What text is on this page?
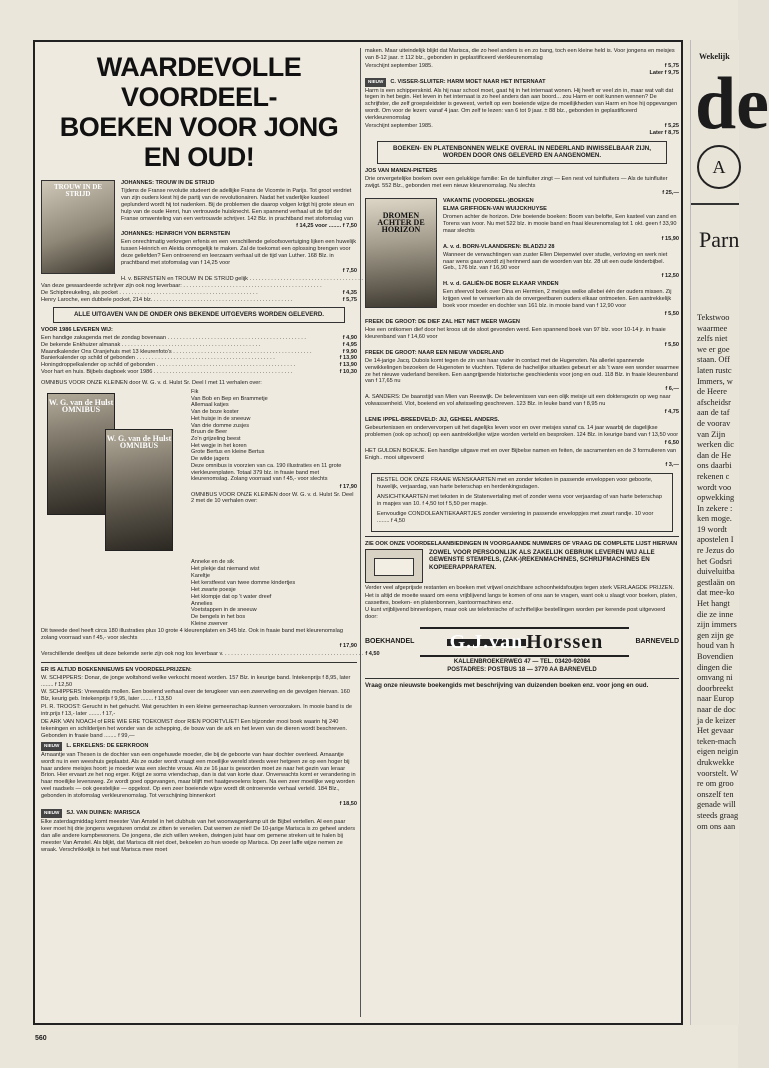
WAARDEVOLLE VOORDEEL-
BOEKEN VOOR JONG EN OUD!
TROUW IN DE STRIJD

JOHANNES: TROUW IN DE STRIJD

Tijdens de Franse revolutie studeert de adellijke Frans de Vicomte in Parijs. Tot groot verdriet van zijn ouders kiest hij de partij van de revolutionairen. Nadat het vaderlijke kasteel geplunderd wordt hij tot nadenken. Bij de problemen die daarop volgen krijgt hij grote steun en hulp van de oude Henri, hun vertrouwde huisknecht. Een spannend verhaal uit de tijd der Franse omwenteling van een vertrouwde schrijver. 142 Blz. in prachtband met stofomslag van

f 14,25 voor ........ f 7,50

JOHANNES: HEINRICH VON BERNSTEIN

Een onrechtmatig verkregen erfenis en een verschillende geloofsovertuiging lijken een huwelijk tussen Heinrich en Aleida onmogelijk te maken. Zal de toekomst een oplossing brengen voor deze geliefden? Een ontroerend en leerzaam verhaal uit de tijd van Luther. 168 Blz. in prachtband met stofomslag van f 14,25 voor

f 7,50

H. v. BERNSTEIN en TROUW IN DE STRIJD gelijk . . .
Van deze gewaardeerde schrijver zijn ook nog leverbaar: . . .
De Schipbreukeling, als pocket . . .	f 4,35
Henry Laroche, een dubbele pocket, 214 blz. . . .	f 5,75
ALLE UITGAVEN VAN DE ONDER ONS BEKENDE UITGEVERS WORDEN GELEVERD.

VOOR 1986 LEVEREN WIJ:

Een handige zakagenda met de zondag bovenaan . . .	f 4,90
De bekende Enkhuizer almanak . . .	f 4,95
Maandkalender Ons Oranjehuis met 13 kleurenfoto's . . .	f 9,90
Banierkalender op schild of gebonden . . .	f 13,90
Honingdroppelkalender op schild of gebonden . . .	f 13,90
Voor hart en huis. Bijbels dagboek voor 1986 . . .	f 10,30

OMNIBUS VOOR ONZE KLEINEN door W. G. v. d. Hulst Sr. Deel I met 11 verhalen over:

W. G. van de Hulst OMNIBUS
W. G. van de Hulst OMNIBUS
Fik
Van Bob en Bep en Brammetje
Allemaal katjes
Van de boze koster
Het huisje in de sneeuw
Van drie domme zusjes
Bruun de Beer
Zo'n grijzeling beest
Het wegje in het koren
Grote Bertus en kleine Bertus
De wilde jagers

Deze omnibus is voorzien van ca. 190 illustraties en 11 grote vierkleurenplaten. Totaal 379 blz. in fraaie band met kleurenomslag. Zolang voorraad van f 45,- voor slechts

f 17,90

OMNIBUS VOOR ONZE KLEINEN door W. G. v. d. Hulst Sr. Deel 2 met de 10 verhalen over:

Anneke en de sik
Het plekje dat niemand wist
Kareltje
Het kerstfeest van twee domme kindertjes
Het zwarte poesje
Het klompje dat op 't water dreef
Annelies
Voetstappen in de sneeuw
De bengels in het bos
Kleine zwerver

Dit tweede deel heeft circa 180 illustraties plus 10 grote 4 kleurenplaten en 345 blz. Ook in fraaie band met kleurenomslag zolang voorraad van f 45,- voor slechts

f 17,90

Verschillende deeltjes uit deze bekende serie zijn ook nog los leverbaar v. . . .	f 4,50

ER IS ALTIJD BOEKENNIEUWS EN VOORDEELPRIJZEN:

W. SCHIPPERS: Donar, de jonge woltshond welke verkocht moest worden. 157 Blz. in keurige band. Intekenprijs f 8,95, later ........ f 12,50

W. SCHIPPERS: Vreewalds mollen. Een boeiend verhaal over de terugkeer van een zwerveling en de gevolgen hiervan. 160 Blz, keurig geb. Intekenprijs f 9,95, later ........ f 13,50

PI. R. TROOST: Gerucht in het gehucht. Wat geruchten in een kleine gemeenschap kunnen veroorzaken. In mooie band is de intr.prijs f 13,- later ........ f 17,-

DE ARK VAN NOACH of ERE WIE ERE TOEKOMST door RIEN POORTVLIET! Een bijzonder mooi boek waarin hij 240 tekeningen en schilderijen het wonder van de schepping, de bouw van de ark en het leven van de dieren wordt beschreven. Gebonden in fraaie band ........ f 99,—

NIEUW L. ERKELENS: DE EERKROON

Arnaantje van Thesen is de dochter van een ongehuwde moeder, die bij de geboorte van haar dochter overleed. Arnaantje wordt nu in een weeshuis geplaatst. Als ze ouder wordt vraagt een moeilijke wereld steeds weer hetgeen ze op een hoger bij haar andere meisjes hoort: je moeder was een slechte vrouw. Als ze 16 jaar is geworden moet ze naar het gezin van leraar Brion. Hier ervaart ze het nog erger. Krijgt ze soms vriendschap, dan is dat van korte duur. Onverwachts komt er verandering in haar moeilijke levensweg. Ze wordt goed opgevangen, maar blijft met haatgevoelens lopen. Na een zeer moeilijke weg worden veel raadsels — ook geestelijke — opgelost. Op een zeer boeiende wijze wordt dit ontroerende verhaal verteld. 184 Blz., gebonden in stofomslag verkleurenomslag. Tot verschijning binnenkort

f 18,50

NIEUW SJ. VAN DUINEN: MARISCA

Elke zaterdagmiddag komt meester Van Amstel in het clubhuis van het woonwagenkamp uit de Bijbel vertellen. Al een paar keer moet hij drie jongens wegsturen omdat ze zitten te vervelen. Dat wemen ze niet! De 10-jarige Marisca is zo geheel anders dan alle andere kampbewoners. De jongens, die zich willen wreken, dwingen juist haar om gemene streken uit te halen bij meester Van Amstel. Als blijkt, dat Marisca dit niet doet, bekoelen zo hun woede op Marisca. Op zeer laffe wijze nemen ze wraak. Verschrikkelijk is het wat Marisca mee moet

maken. Maar uiteindelijk blijkt dat Marisca, die zo heel anders is en zo bang, toch een kleine held is. Voor jongens en meisjes van 8-12 jaar. ± 112 blz., gebonden in geplastificeerd vierkleurenomslag

Verschijnt september 1985.	f 5,75

Later f 9,75

NIEUW C. VISSER-SLUITER: HARM MOET NAAR HET INTERNAAT

Harm is een schippersknid. Als hij naar school moet, gaat hij in het internaat wonen. Hij heeft er veel zin in, maar wat valt dat tegen in het begin. Het leven in het internaat is zo heel anders dan aan boord... zou Harm er ooit kunnen wennen? De schrijfster, die zelf groepsleidster is geweest, vertelt op een boeiende wijze de moeilijkheden van Harm en hoe hij opgevangen wordt. Om voor de lezen: vanaf 4 jaar. Om zelf te lezen: van 6 tot 9 jaar. ± 88 blz., gebonden in geplastificeerd vierkleurenomslag

Verschijnt september 1985.	f 5,25

Later f 8,75

BOEKEN- EN PLATENBONNEN WELKE OVERAL IN NEDERLAND INWISSELBAAR ZIJN, WORDEN DOOR ONS GELEVERD EN AANGENOMEN.

JOS VAN MANEN-PIETERS

Drie onvergetelijke boeken over een gelukkige familie: En de tuinfluiter zingt — Een nest vol tuinfluiters — Als de tuinfluiter zwijgt. 552 Blz., gebonden met een nieuw kleurenomslag. Nu slechts

f 25,—

DROMEN ACHTER DE HORIZON

VAKANTIE (VOORDEEL-)BOEKEN

ELMA GRIFFIOEN-VAN WUIJCKHUYSE

Dromen achter de horizon. Drie boeiende boeken: Boom van belofte, Een kasteel van zand en Torens van ivoor. Nu met 522 blz. in mooie band en fraai kleurenomslag tot 1 okt. geen f 33,90 maar slechts

f 15,90

A. v. d. BORN-VLAANDEREN: BLADZIJ 28

Wanneer de verwachtingen van zuster Ellen Diepenwiel over studie, verloving en werk niet naar wens gaan wordt zij herinnerd aan de woorden van blz. 28 uit een oude kinderbijbel. Geb., 176 blz. van f 16,90 voor

f 12,50

H. v. d. GALIËN-DE BOER ELKAAR VINDEN

Een sfeervol boek over Dina en Hermien, 2 meisjes welke allebei één der ouders missen. Zij krijgen veel te verwerken als de onvergeetbaren ouders elkaar ontmoeten. Een aantrekkelijk boek voor moeder en dochter van 161 blz. in mooie band van f 12,90 voor

f 5,50

FREEK DE GROOT: DE DIEF ZAL HET NIET MEER WAGEN

Hoe een ontkomen dief door het kroos uit de sloot gevonden werd. Een spannend boek van 97 blz. voor 10-14 jr. in fraaie kleurenband van f 14,60 voor

f 5,50

FREEK DE GROOT: NAAR EEN NIEUW VADERLAND

De 14-jarige Jacq. Dubois komt tegen de zin van haar vader in contact met de Hugenoten. Na allerlei spannende verwikkelingen bezoeken de Hugenoten te vluchten. Tijdens de hachelijke situaties gebeurt er als 't ware een wonder waarmee ze het nieuwe vaderland bereiken. Een aangrijpende historische geschiedenis voor jong en oud. 118 Blz. in fraaie kleurenband van f 17,65 nu

f 6,—

A. SANDERS: De baanstijd van Mien van Reeswijk. De belevenissen van een olijk meisje uit een doktersgezin op weg naar volwassenheid. Vlot, boeiend en vol afwisseling geschreven. 123 Blz. in leuke band van f 8,95 nu

f 4,75

LENIE IPPEL-BREEDVELD: JIJ, GEHEEL ANDERS.

Gebeurtenissen en ondervervorpen uit het dagelijks leven voor en over meisjes vanaf ca. 14 jaar waarbij de dagelijkse problemen (ook op school) op een aantrekkelijke wijze worden verteld en besproken. 124 Blz. in keurige band van f 13,50 voor

f 6,50

HET GULDEN BOEKJE. Een handige uitgave met en over Bijbelse namen en feiten, de sacramenten en de 3 formulieren van Enigh.. mooi uitgevoerd

f 3,—

BESTEL OOK ONZE FRAAIE WENSKAARTEN met en zonder teksten in passende enveloppen voor geboorte, huwelijk, verjaardag, van harte beterschap en herdenkingsdagen.

ANSICHTKAARTEN met teksten in de Statenvertaling met of zonder wens voor verjaardag of van harte beterschap in mapjes van 10. f 4,50 tot f 5,50 per mapje.

Eenvoudige CONDOLEANTIEKAARTJES zonder versiering in passende enveloppjes met zwart randje. 10 voor ........ f 4,50

ZIE OOK ONZE VOORDEELAANBIEDINGEN IN VOORGAANDE NUMMERS OF VRAAG DE COMPLETE LIJST HIERVAN

ZOWEL VOOR PERSOONLIJK ALS ZAKELIJK GEBRUIK LEVEREN WIJ ALLE GEWENSTE STEMPELS, (ZAK-)REKENMACHINES, SCHRIJFMACHINES EN KOPIEERAPPARATEN.

Verder veel afgeprijsde restanten en boeken met vrijwel onzichtbare schoonheidsfoutjes tegen sterk VERLAAGDE PRIJZEN.

Het is altijd de moeite waard om eens vrijblijvend langs te komen of ons aan te vragen, want ook u slaagt voor boeken, platen, cassettes, boeken- en platenbonnen, kantoormachines enz.

U kunt vrijblijvend binnenlopen, maar ook uw telefonische of schriftelijke bestellingen worden per kerende post uitgevoerd door:

BOEKHANDEL G.J.van Horssen	BARNEVELD
KALLENBROEKERWEG 47 — TEL. 03420-92084
POSTADRES: POSTBUS 18 — 3770 AA BARNEVELD

Vraag onze nieuwste boekengids met beschrijving van duizenden boeken enz. voor jong en oud.

560
Wekelijk
de
A
Parn
Tekstwoo
waarmee
zelfs niet
we er goe
staan. Off
laten rustc
Immers, w
de Heere
afscheidsr
aan de taf
de voorav
van Zijn
werken dic
dan de He
ons daarbi
rekenen c
wordt voo
opwekking
In zekere :
ken moge.
19 wordt
apostelen I
re Jezus do
het Godsri
duiveluitba
gestlaän on
dat mee-ko
Het hangt
die ze inne
zijn immers
gen zijn ge
houd van h
Bovendien
dingen die
omvang ni
doorbreekt
naar Europ
naar de doc
ja de keizer
Het gevaar
teken-mach
eigen neigin
drukwekke
voorstelt. W
re om groo
onszelf ten
genade will
steeds graag
om ons aan
